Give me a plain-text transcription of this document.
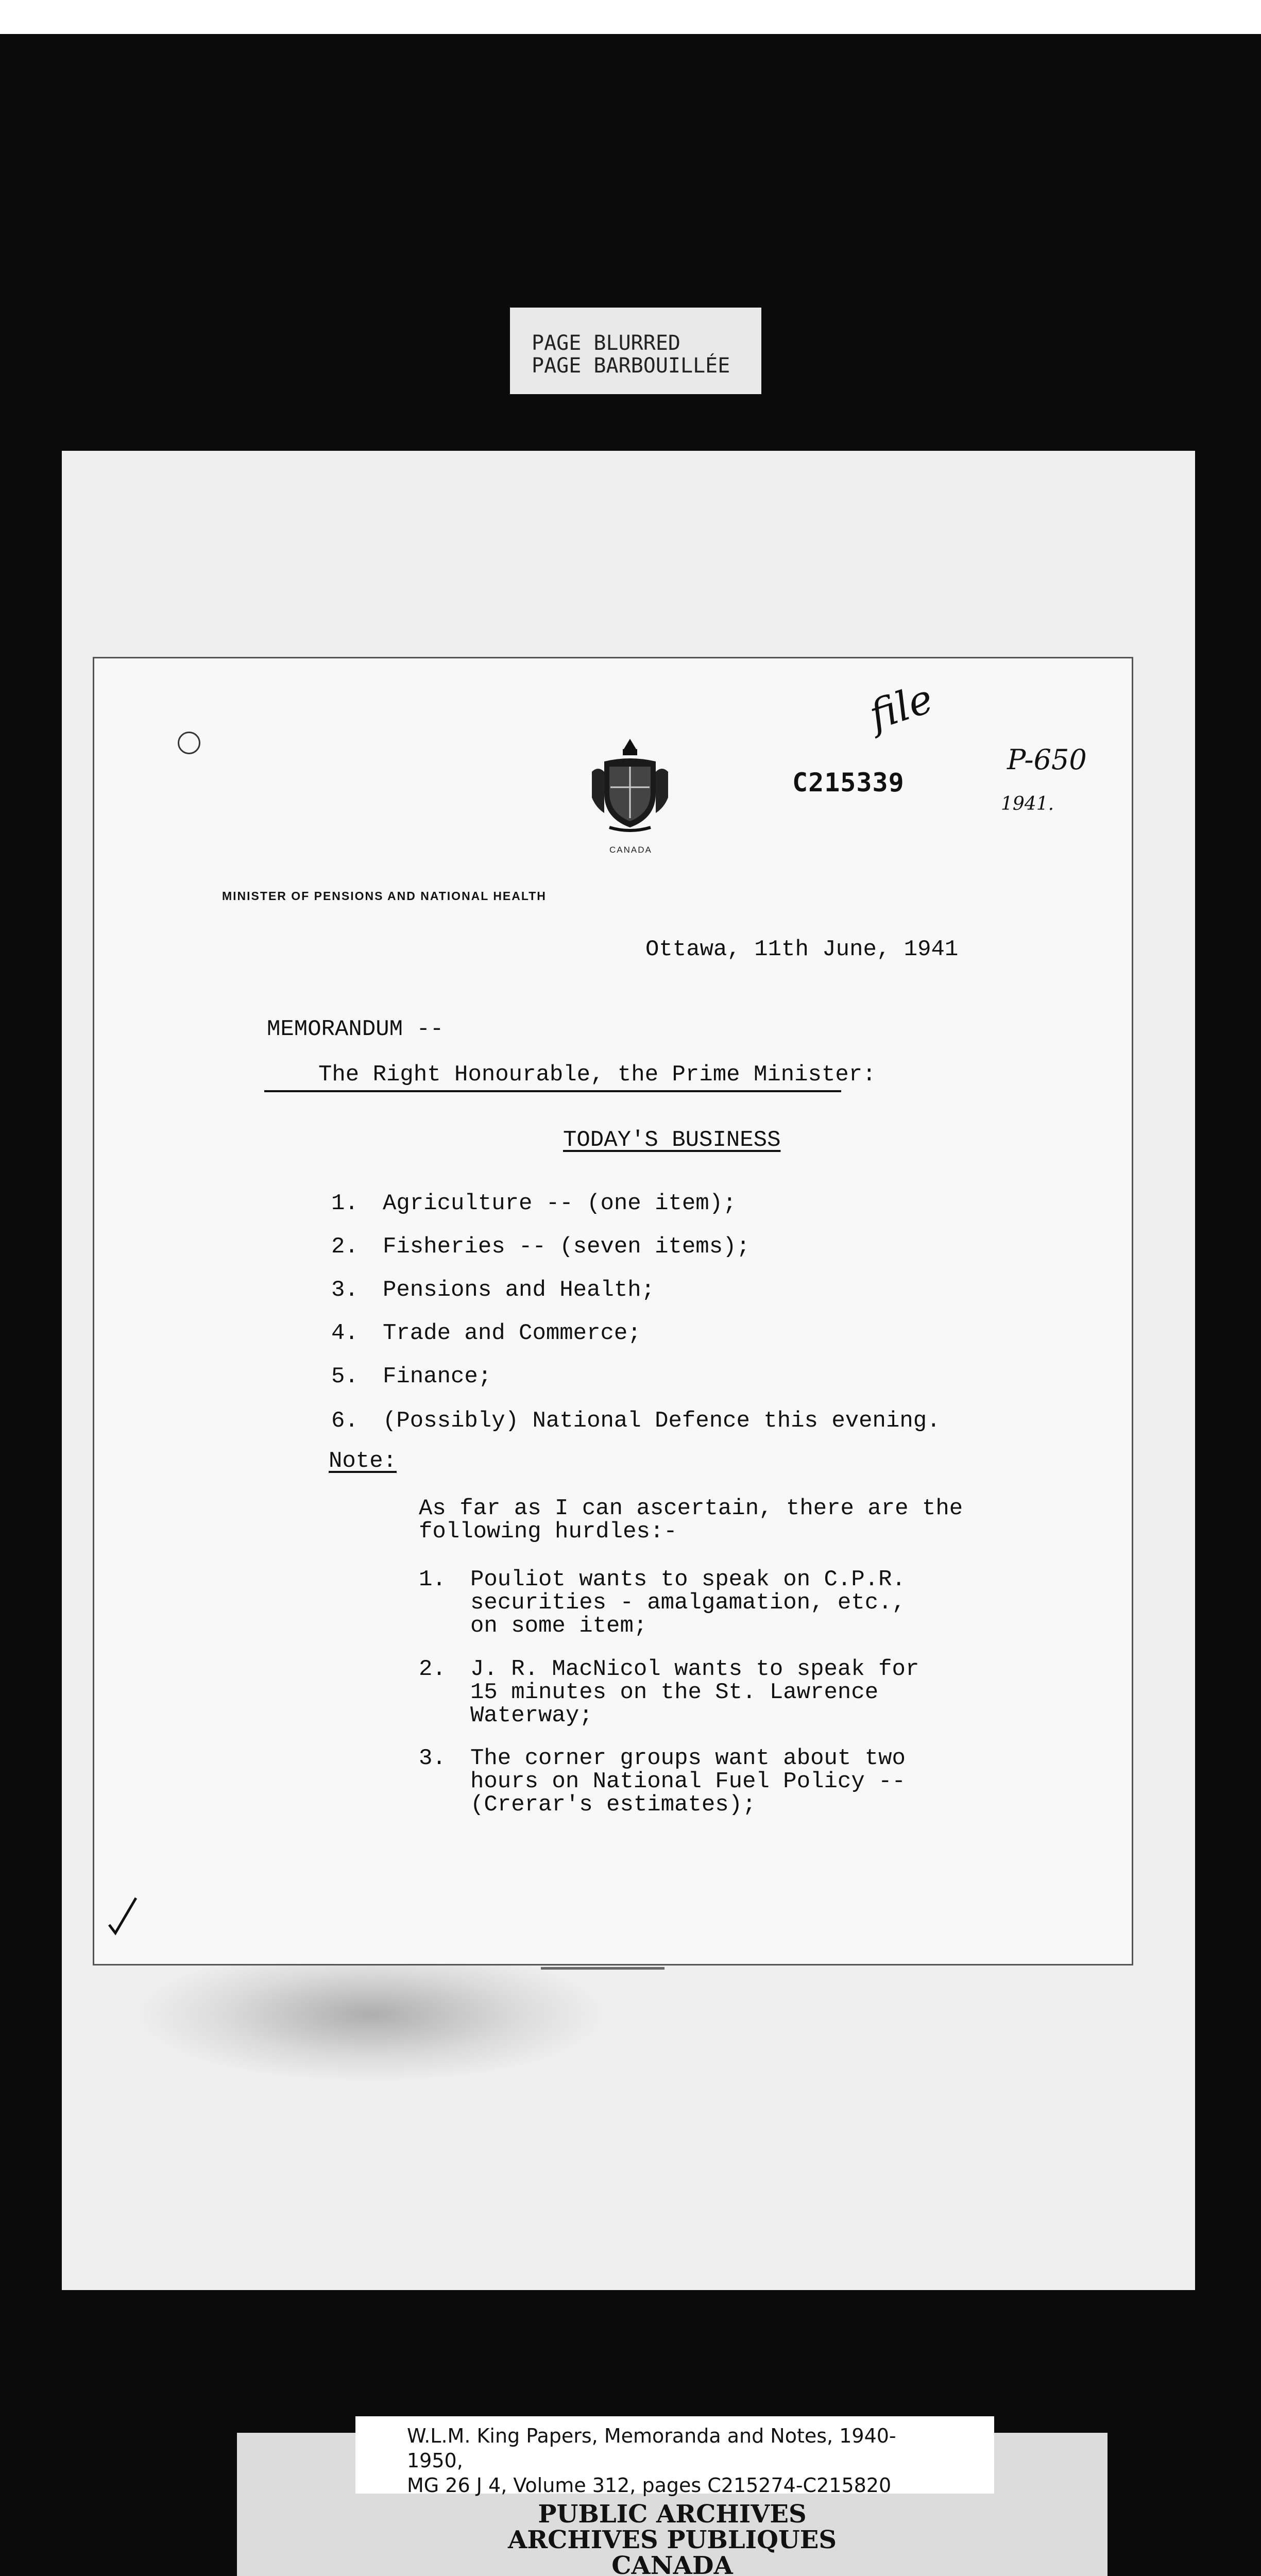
PAGE BLURRED
PAGE BARBOUILLÉE
CANADA
file
C215339
P-650
1941.
MINISTER OF PENSIONS AND NATIONAL HEALTH
Ottawa, 11th June, 1941
MEMORANDUM --
The Right Honourable, the Prime Minister:
TODAY'S BUSINESS
1. Agriculture -- (one item);
2. Fisheries -- (seven items);
3. Pensions and Health;
4. Trade and Commerce;
5. Finance;
6. (Possibly) National Defence this evening.
Note:
As far as I can ascertain, there are the
following hurdles:-
1. Pouliot wants to speak on C.P.R.
securities - amalgamation, etc.,
on some item;
2. J. R. MacNicol wants to speak for
15 minutes on the St. Lawrence
Waterway;
3. The corner groups want about two
hours on National Fuel Policy --
(Crerar's estimates);
W.L.M. King Papers, Memoranda and Notes, 1940-1950,
MG 26 J 4, Volume 312, pages C215274-C215820
PUBLIC ARCHIVES
ARCHIVES PUBLIQUES
CANADA
